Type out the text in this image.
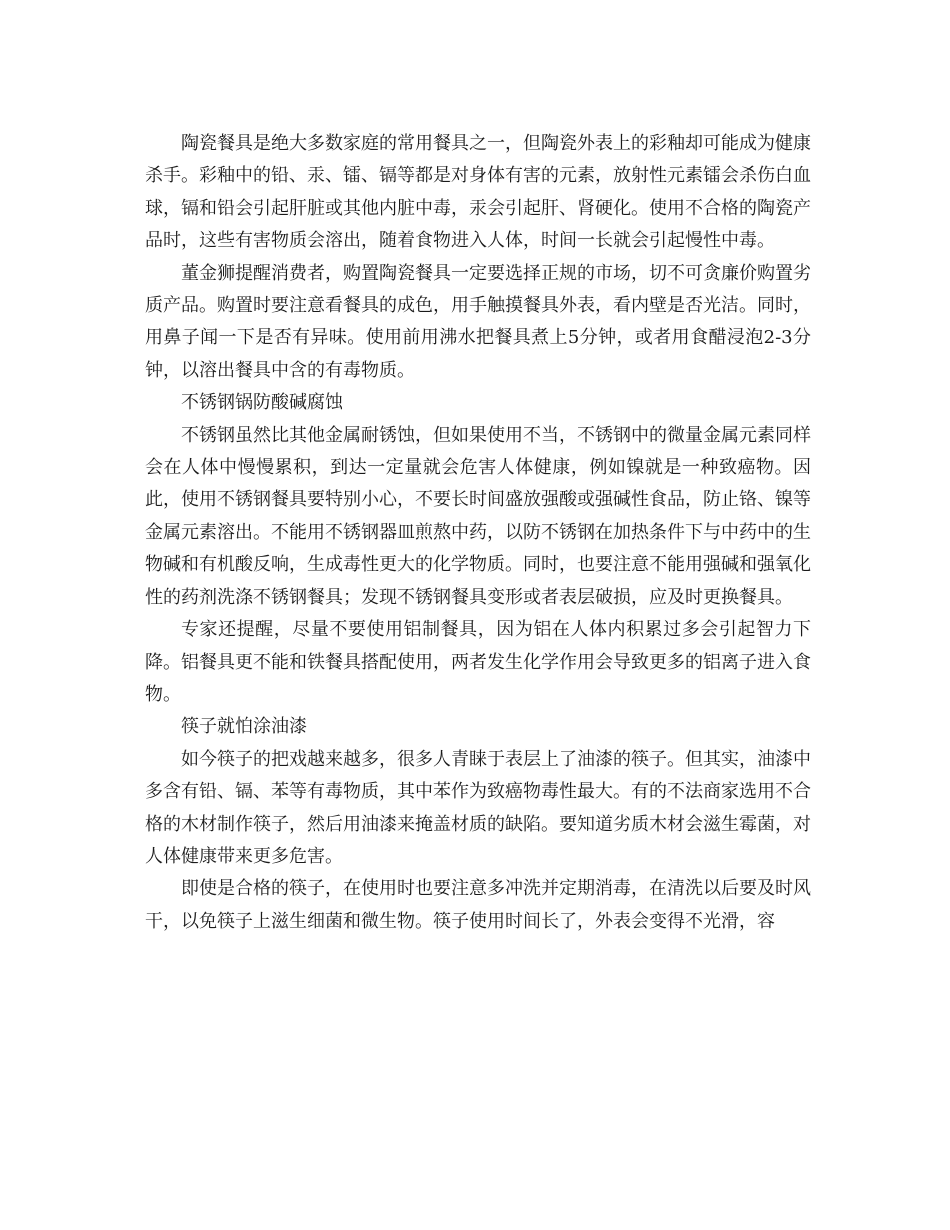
陶瓷餐具是绝大多数家庭的常用餐具之一，但陶瓷外表上的彩釉却可能成为健康杀手。彩釉中的铅、汞、镭、镉等都是对身体有害的元素，放射性元素镭会杀伤白血球，镉和铅会引起肝脏或其他内脏中毒，汞会引起肝、肾硬化。使用不合格的陶瓷产品时，这些有害物质会溶出，随着食物进入人体，时间一长就会引起慢性中毒。

董金狮提醒消费者，购置陶瓷餐具一定要选择正规的市场，切不可贪廉价购置劣质产品。购置时要注意看餐具的成色，用手触摸餐具外表，看内壁是否光洁。同时，用鼻子闻一下是否有异味。使用前用沸水把餐具煮上5分钟，或者用食醋浸泡2-3分钟，以溶出餐具中含的有毒物质。

不锈钢锅防酸碱腐蚀

不锈钢虽然比其他金属耐锈蚀，但如果使用不当，不锈钢中的微量金属元素同样会在人体中慢慢累积，到达一定量就会危害人体健康，例如镍就是一种致癌物。因此，使用不锈钢餐具要特别小心，不要长时间盛放强酸或强碱性食品，防止铬、镍等金属元素溶出。不能用不锈钢器皿煎熬中药，以防不锈钢在加热条件下与中药中的生物碱和有机酸反响，生成毒性更大的化学物质。同时，也要注意不能用强碱和强氧化性的药剂洗涤不锈钢餐具；发现不锈钢餐具变形或者表层破损，应及时更换餐具。

专家还提醒，尽量不要使用铝制餐具，因为铝在人体内积累过多会引起智力下降。铝餐具更不能和铁餐具搭配使用，两者发生化学作用会导致更多的铝离子进入食物。

筷子就怕涂油漆

如今筷子的把戏越来越多，很多人青睐于表层上了油漆的筷子。但其实，油漆中多含有铅、镉、苯等有毒物质，其中苯作为致癌物毒性最大。有的不法商家选用不合格的木材制作筷子，然后用油漆来掩盖材质的缺陷。要知道劣质木材会滋生霉菌，对人体健康带来更多危害。

即使是合格的筷子，在使用时也要注意多冲洗并定期消毒，在清洗以后要及时风干，以免筷子上滋生细菌和微生物。筷子使用时间长了，外表会变得不光滑，容
